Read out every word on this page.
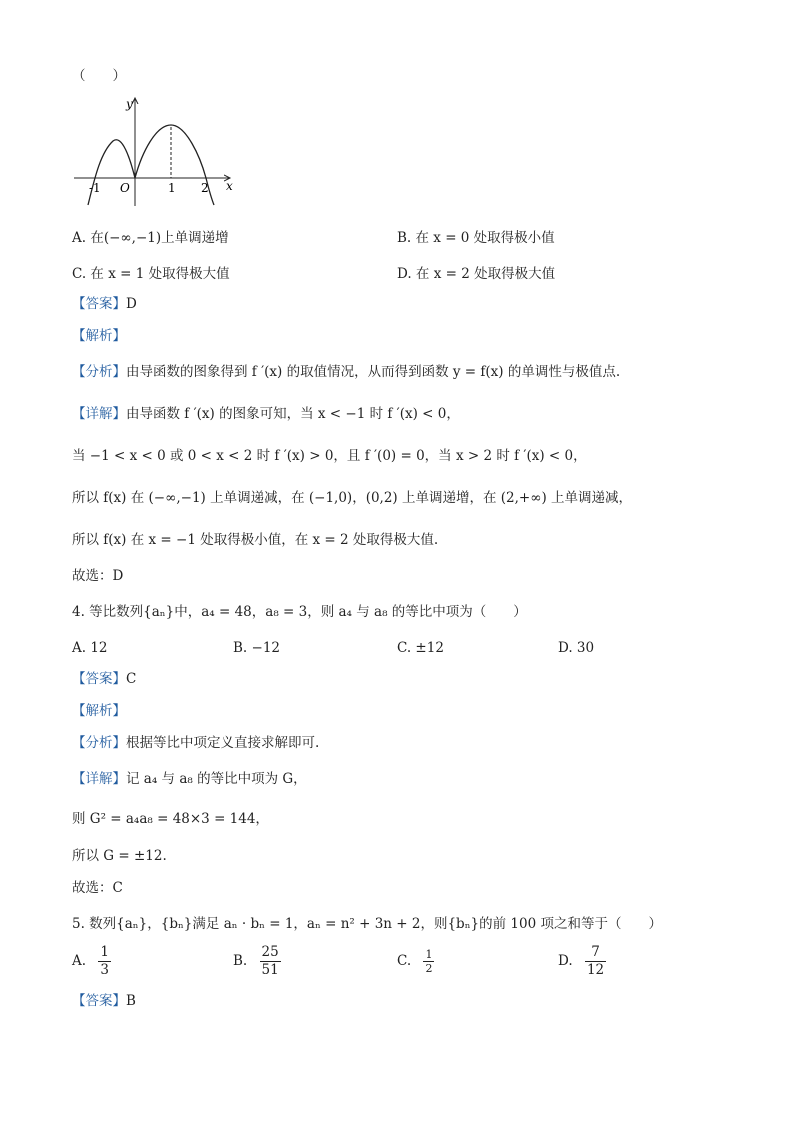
（　　）
y
x
-1 O	1 2
A. 在(−∞,−1)上单调递增	B. 在 x = 0 处取得极小值
C. 在 x = 1 处取得极大值	D. 在 x = 2 处取得极大值
【答案】D
【解析】
【分析】由导函数的图象得到 f ′(x) 的取值情况，从而得到函数 y = f(x) 的单调性与极值点.
【详解】由导函数 f ′(x) 的图象可知，当 x < −1 时 f ′(x) < 0，
当 −1 < x < 0 或 0 < x < 2 时 f ′(x) > 0，且 f ′(0) = 0，当 x > 2 时 f ′(x) < 0，
所以 f(x) 在 (−∞,−1) 上单调递减，在 (−1,0)，(0,2) 上单调递增，在 (2,+∞) 上单调递减，
所以 f(x) 在 x = −1 处取得极小值，在 x = 2 处取得极大值.
故选：D
4. 等比数列{aₙ}中，a₄ = 48，a₈ = 3，则 a₄ 与 a₈ 的等比中项为（　　）
A. 12	B. −12	C. ±12	D. 30
【答案】C
【解析】
【分析】根据等比中项定义直接求解即可.
【详解】记 a₄ 与 a₈ 的等比中项为 G，
则 G² = a₄a₈ = 48×3 = 144，
所以 G = ±12.
故选：C
5. 数列{aₙ}，{bₙ}满足 aₙ · bₙ = 1，aₙ = n² + 3n + 2，则{bₙ}的前 100 项之和等于（　　）
A. $\frac{1}{3}$	B. $\frac{25}{51}$	C. $\frac{1}{2}$	D. $\frac{7}{12}$
【答案】B
